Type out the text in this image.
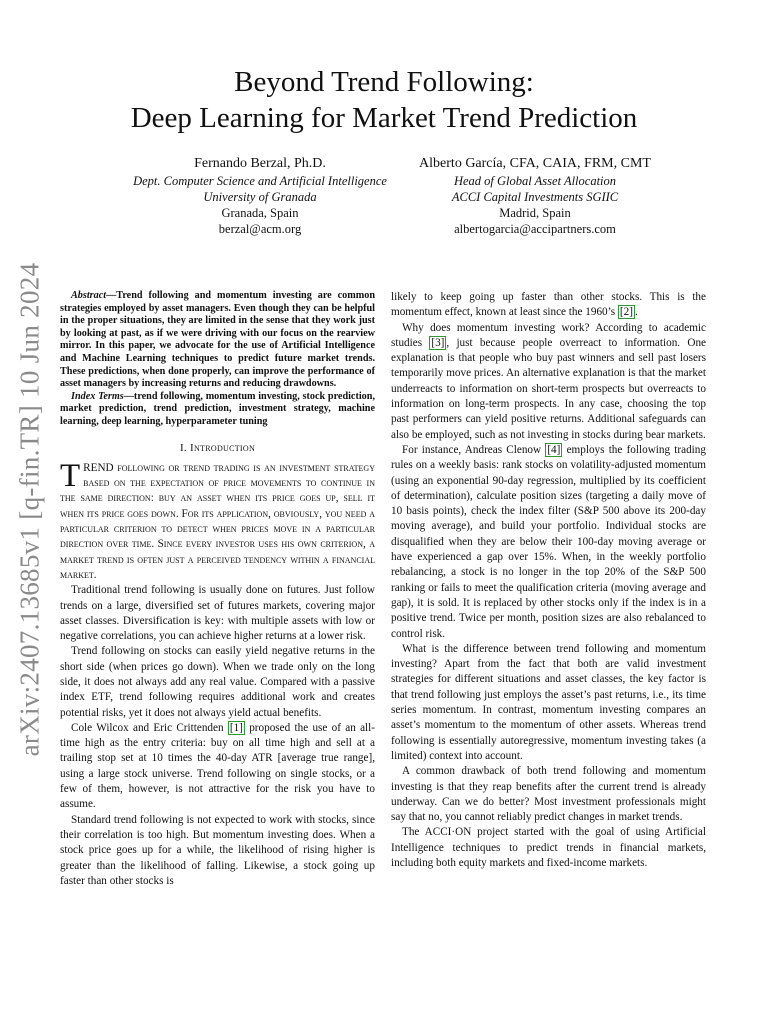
arXiv:2407.13685v1 [q-fin.TR] 10 Jun 2024
Beyond Trend Following:
Deep Learning for Market Trend Prediction
Fernando Berzal, Ph.D.
Dept. Computer Science and Artificial Intelligence
University of Granada
Granada, Spain
berzal@acm.org
Alberto García, CFA, CAIA, FRM, CMT
Head of Global Asset Allocation
ACCI Capital Investments SGIIC
Madrid, Spain
albertogarcia@accipartners.com

Abstract—Trend following and momentum investing are common strategies employed by asset managers. Even though they can be helpful in the proper situations, they are limited in the sense that they work just by looking at past, as if we were driving with our focus on the rearview mirror. In this paper, we advocate for the use of Artificial Intelligence and Machine Learning techniques to predict future market trends. These predictions, when done properly, can improve the performance of asset managers by increasing returns and reducing drawdowns.

Index Terms—trend following, momentum investing, stock prediction, market prediction, trend prediction, investment strategy, machine learning, deep learning, hyperparameter tuning

I. Introduction

TREND following or trend trading is an investment strategy based on the expectation of price movements to continue in the same direction: buy an asset when its price goes up, sell it when its price goes down. For its application, obviously, you need a particular criterion to detect when prices move in a particular direction over time. Since every investor uses his own criterion, a market trend is often just a perceived tendency within a financial market.

Traditional trend following is usually done on futures. Just follow trends on a large, diversified set of futures markets, covering major asset classes. Diversification is key: with multiple assets with low or negative correlations, you can achieve higher returns at a lower risk.

Trend following on stocks can easily yield negative returns in the short side (when prices go down). When we trade only on the long side, it does not always add any real value. Compared with a passive index ETF, trend following requires additional work and creates potential risks, yet it does not always yield actual benefits.

Cole Wilcox and Eric Crittenden [1] proposed the use of an all-time high as the entry criteria: buy on all time high and sell at a trailing stop set at 10 times the 40-day ATR [average true range], using a large stock universe. Trend following on single stocks, or a few of them, however, is not attractive for the risk you have to assume.

Standard trend following is not expected to work with stocks, since their correlation is too high. But momentum investing does. When a stock price goes up for a while, the likelihood of rising higher is greater than the likelihood of falling. Likewise, a stock going up faster than other stocks is

likely to keep going up faster than other stocks. This is the momentum effect, known at least since the 1960’s [2] .

Why does momentum investing work? According to academic studies [3] , just because people overreact to information. One explanation is that people who buy past winners and sell past losers temporarily move prices. An alternative explanation is that the market underreacts to information on short-term prospects but overreacts to information on long-term prospects. In any case, choosing the top past performers can yield positive returns. Additional safeguards can also be employed, such as not investing in stocks during bear markets.

For instance, Andreas Clenow [4] employs the following trading rules on a weekly basis: rank stocks on volatility-adjusted momentum (using an exponential 90-day regression, multiplied by its coefficient of determination), calculate position sizes (targeting a daily move of 10 basis points), check the index filter (S&P 500 above its 200-day moving average), and build your portfolio. Individual stocks are disqualified when they are below their 100-day moving average or have experienced a gap over 15%. When, in the weekly portfolio rebalancing, a stock is no longer in the top 20% of the S&P 500 ranking or fails to meet the qualification criteria (moving average and gap), it is sold. It is replaced by other stocks only if the index is in a positive trend. Twice per month, position sizes are also rebalanced to control risk.

What is the difference between trend following and momentum investing? Apart from the fact that both are valid investment strategies for different situations and asset classes, the key factor is that trend following just employs the asset’s past returns, i.e., its time series momentum. In contrast, momentum investing compares an asset’s momentum to the momentum of other assets. Whereas trend following is essentially autoregressive, momentum investing takes (a limited) context into account.

A common drawback of both trend following and momentum investing is that they reap benefits after the current trend is already underway. Can we do better? Most investment professionals might say that no, you cannot reliably predict changes in market trends.

The ACCI·ON project started with the goal of using Artificial Intelligence techniques to predict trends in financial markets, including both equity markets and fixed-income markets.
